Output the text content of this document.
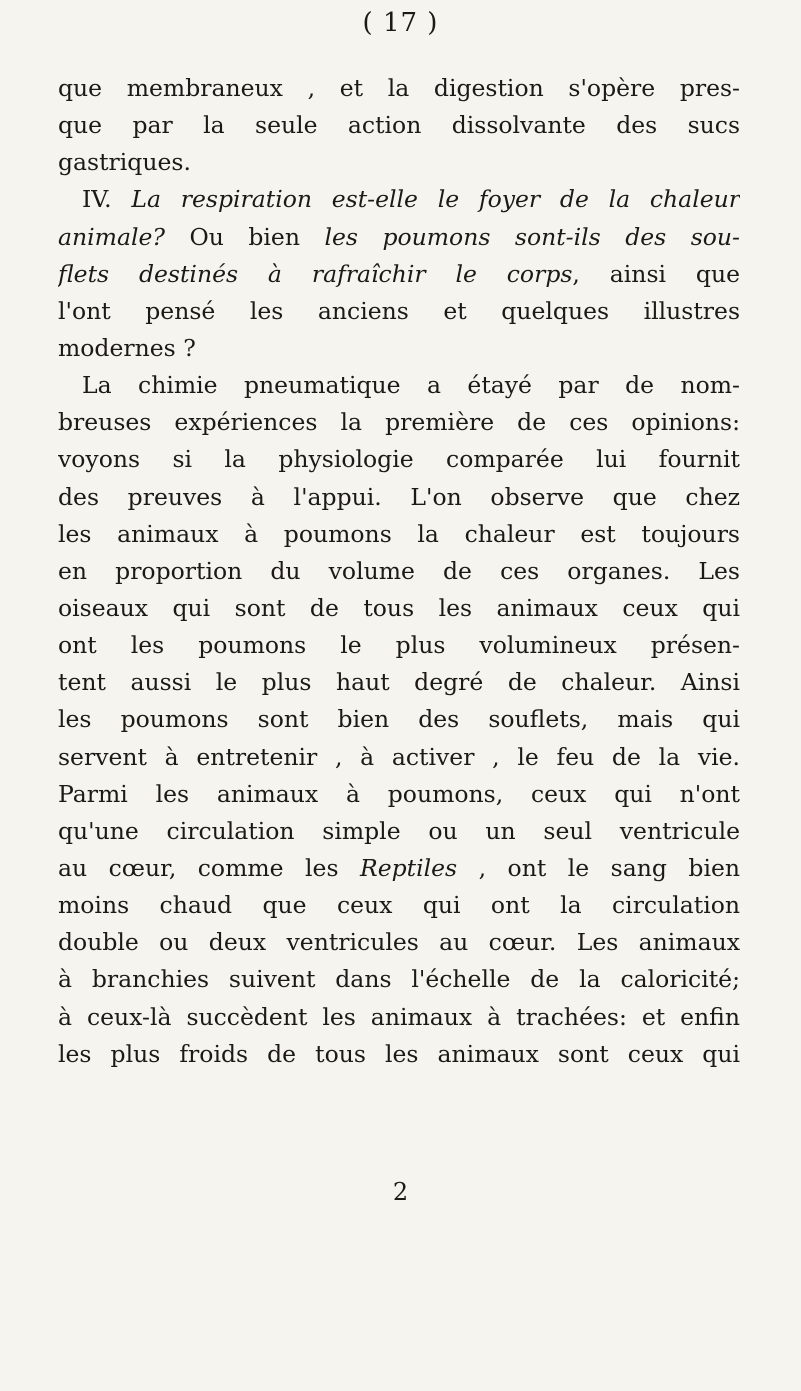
( 17 )
que membraneux , et la digestion s'opère pres-
que par la seule action dissolvante des sucs
gastriques.
IV. La respiration est-elle le foyer de la chaleur
animale? Ou bien les poumons sont-ils des sou-
flets destinés à rafraîchir le corps, ainsi que
l'ont pensé les anciens et quelques illustres
modernes ?
La chimie pneumatique a étayé par de nom-
breuses expériences la première de ces opinions:
voyons si la physiologie comparée lui fournit
des preuves à l'appui. L'on observe que chez
les animaux à poumons la chaleur est toujours
en proportion du volume de ces organes. Les
oiseaux qui sont de tous les animaux ceux qui
ont les poumons le plus volumineux présen-
tent aussi le plus haut degré de chaleur. Ainsi
les poumons sont bien des souflets, mais qui
servent à entretenir , à activer , le feu de la vie.
Parmi les animaux à poumons, ceux qui n'ont
qu'une circulation simple ou un seul ventricule
au cœur, comme les Reptiles , ont le sang bien
moins chaud que ceux qui ont la circulation
double ou deux ventricules au cœur. Les animaux
à branchies suivent dans l'échelle de la caloricité;
à ceux-là succèdent les animaux à trachées: et enfin
les plus froids de tous les animaux sont ceux qui
2
